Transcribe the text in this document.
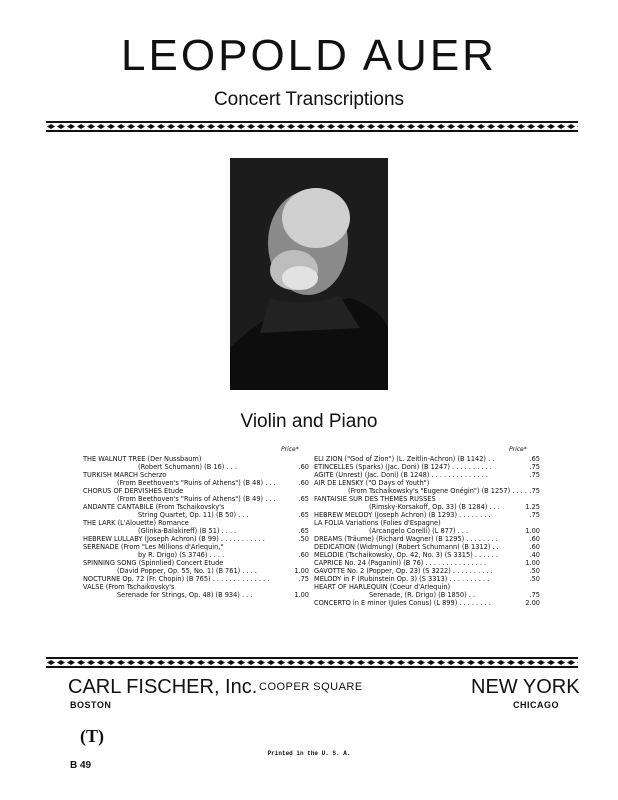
LEOPOLD AUER
Concert Transcriptions
Violin and Piano
Price*	Price*
THE WALNUT TREE (Der Nussbaum)
(Robert Schumann) (B 16) . . .	.60
TURKISH MARCH Scherzo
(From Beethoven's "Ruins of Athens") (B 48) . . .	.60
CHORUS OF DERVISHES Etude
(From Beethoven's "Ruins of Athens") (B 49) . . .	.65
ANDANTE CANTABILE (From Tschaikovsky's
String Quartet, Op. 11) (B 50) . . .	.65
THE LARK (L'Alouette) Romance
(Glinka-Balakireff) (B 51) . . . .	.65
HEBREW LULLABY (Joseph Achron) (B 99) . . . . . . . . . . .	.50
SERENADE (From "Les Millions d'Arlequin,"
by R. Drigo) (S 3746) . . . .	.60
SPINNING SONG (Spinnlied) Concert Etude
(David Popper, Op. 55, No. 1) (B 761) . . . .	1.00
NOCTURNE Op. 72 (Fr. Chopin) (B 765) . . . . . . . . . . . . . .	.75
VALSE (From Tschaikovsky's
Serenade for Strings, Op. 48) (B 934) . . .	1.00
ELI ZION ("God of Zion") (L. Zeitlin-Achron) (B 1142) . .	.65
ETINCELLES (Sparks) (Jac. Doni) (B 1247) . . . . . . . . . .	.75
AGITE (Unrest) (Jac. Doni) (B 1248) . . . . . . . . . . . . . .	.75
AIR DE LENSKY ("O Days of Youth")
(From Tschaikowsky's "Eugene Onégin") (B 1257) . . . . .75
FANTAISIE SUR DES THÈMES RUSSES
(Rimsky-Korsakoff, Op. 33) (B 1284) . . .	1.25
HEBREW MELODY (Joseph Achron) (B 1293) . . . . . . . .	.75
LA FOLIA Variations (Folies d'Espagne)
(Arcangelo Corelli) (L 877) . . .	1.00
DREAMS (Träume) (Richard Wagner) (B 1295) . . . . . . . .	.60
DEDICATION (Widmung) (Robert Schumann) (B 1312) . .	.60
MELODIE (Tschaikowsky, Op. 42, No. 3) (S 3315) . . . . . .	.40
CAPRICE No. 24 (Paganini) (B 76) . . . . . . . . . . . . . . .	1.00
GAVOTTE No. 2 (Popper, Op. 23) (S 3222) . . . . . . . . . .	.50
MELODY in F (Rubinstein Op. 3) (S 3313) . . . . . . . . . .	.50
HEART OF HARLEQUIN (Coeur d'Arlequin)
Serenade, (R. Drigo) (B 1850) . .	.75
CONCERTO in E minor (Jules Conus) (L 899) . . . . . . . .	2.00
CARL FISCHER, Inc. COOPER SQUARE	NEW YORK
BOSTON	CHICAGO
(T)
Printed in the U. S. A.
B 49
